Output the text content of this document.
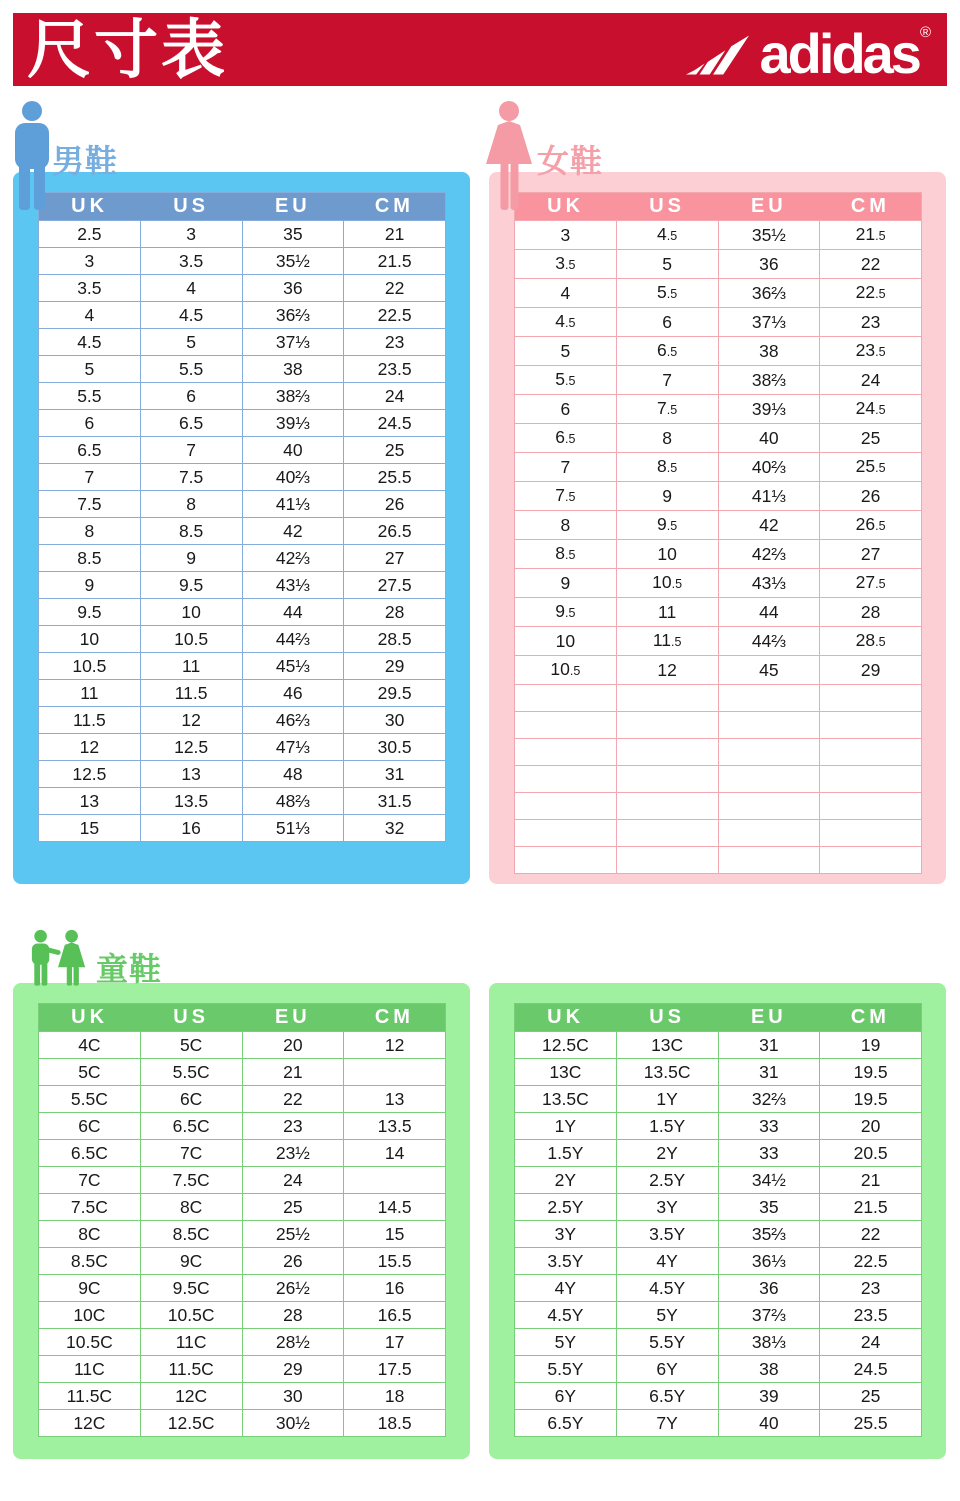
尺寸表	adidas ®
男鞋
UK	US	EU	CM
2.5	3	35	21
3	3.5	35½	21.5
3.5	4	36	22
4	4.5	36⅔	22.5
4.5	5	37⅓	23
5	5.5	38	23.5
5.5	6	38⅔	24
6	6.5	39⅓	24.5
6.5	7	40	25
7	7.5	40⅔	25.5
7.5	8	41⅓	26
8	8.5	42	26.5
8.5	9	42⅔	27
9	9.5	43⅓	27.5
9.5	10	44	28
10	10.5	44⅔	28.5
10.5	11	45⅓	29
11	11.5	46	29.5
11.5	12	46⅔	30
12	12.5	47⅓	30.5
12.5	13	48	31
13	13.5	48⅔	31.5
15	16	51⅓	32
女鞋
UK	US	EU	CM
3	4.5	35½	21.5
3.5	5	36	22
4	5.5	36⅔	22.5
4.5	6	37⅓	23
5	6.5	38	23.5
5.5	7	38⅔	24
6	7.5	39⅓	24.5
6.5	8	40	25
7	8.5	40⅔	25.5
7.5	9	41⅓	26
8	9.5	42	26.5
8.5	10	42⅔	27
9	10.5	43⅓	27.5
9.5	11	44	28
10	11.5	44⅔	28.5
10.5	12	45	29

童鞋
UK	US	EU	CM
4C	5C	20	12
5C	5.5C	21	
5.5C	6C	22	13
6C	6.5C	23	13.5
6.5C	7C	23½	14
7C	7.5C	24	
7.5C	8C	25	14.5
8C	8.5C	25½	15
8.5C	9C	26	15.5
9C	9.5C	26½	16
10C	10.5C	28	16.5
10.5C	11C	28½	17
11C	11.5C	29	17.5
11.5C	12C	30	18
12C	12.5C	30½	18.5
UK	US	EU	CM
12.5C	13C	31	19
13C	13.5C	31	19.5
13.5C	1Y	32⅔	19.5
1Y	1.5Y	33	20
1.5Y	2Y	33	20.5
2Y	2.5Y	34½	21
2.5Y	3Y	35	21.5
3Y	3.5Y	35⅔	22
3.5Y	4Y	36⅓	22.5
4Y	4.5Y	36	23
4.5Y	5Y	37⅔	23.5
5Y	5.5Y	38⅓	24
5.5Y	6Y	38	24.5
6Y	6.5Y	39	25
6.5Y	7Y	40	25.5
